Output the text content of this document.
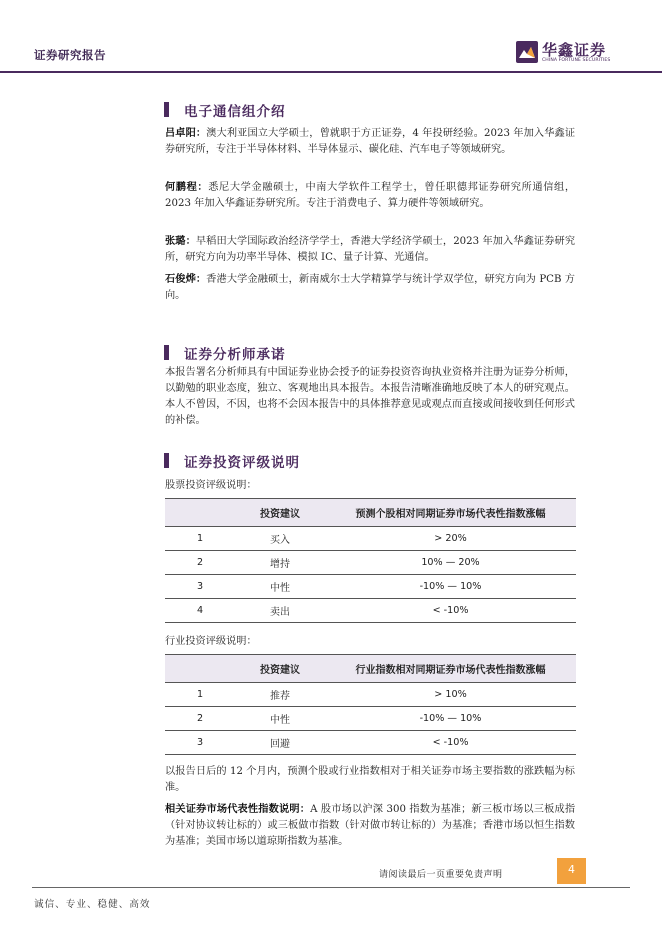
证券研究报告	华鑫证券
CHINA FORTUNE SECURITIES
电子通信组介绍
吕卓阳：澳大利亚国立大学硕士，曾就职于方正证券，4 年投研经验。2023 年加入华鑫证券研究所，专注于半导体材料、半导体显示、碳化硅、汽车电子等领域研究。
何鹏程：悉尼大学金融硕士，中南大学软件工程学士，曾任职德邦证券研究所通信组，2023 年加入华鑫证券研究所。专注于消费电子、算力硬件等领域研究。
张璐：早稻田大学国际政治经济学学士，香港大学经济学硕士，2023 年加入华鑫证券研究所，研究方向为功率半导体、模拟 IC、量子计算、光通信。
石俊烨：香港大学金融硕士，新南威尔士大学精算学与统计学双学位，研究方向为 PCB 方向。
证券分析师承诺
本报告署名分析师具有中国证券业协会授予的证券投资咨询执业资格并注册为证券分析师，以勤勉的职业态度，独立、客观地出具本报告。本报告清晰准确地反映了本人的研究观点。本人不曾因，不因，也将不会因本报告中的具体推荐意见或观点而直接或间接收到任何形式的补偿。
证券投资评级说明
股票投资评级说明：
	投资建议	预测个股相对同期证券市场代表性指数涨幅
1	买入	> 20%
2	增持	10% — 20%
3	中性	-10% — 10%
4	卖出	< -10%
行业投资评级说明：
	投资建议	行业指数相对同期证券市场代表性指数涨幅
1	推荐	> 10%
2	中性	-10% — 10%
3	回避	< -10%
以报告日后的 12 个月内，预测个股或行业指数相对于相关证券市场主要指数的涨跌幅为标准。
相关证券市场代表性指数说明：A 股市场以沪深 300 指数为基准；新三板市场以三板成指（针对协议转让标的）或三板做市指数（针对做市转让标的）为基准；香港市场以恒生指数为基准；美国市场以道琼斯指数为基准。
请阅读最后一页重要免责声明	4
诚信、专业、稳健、高效
